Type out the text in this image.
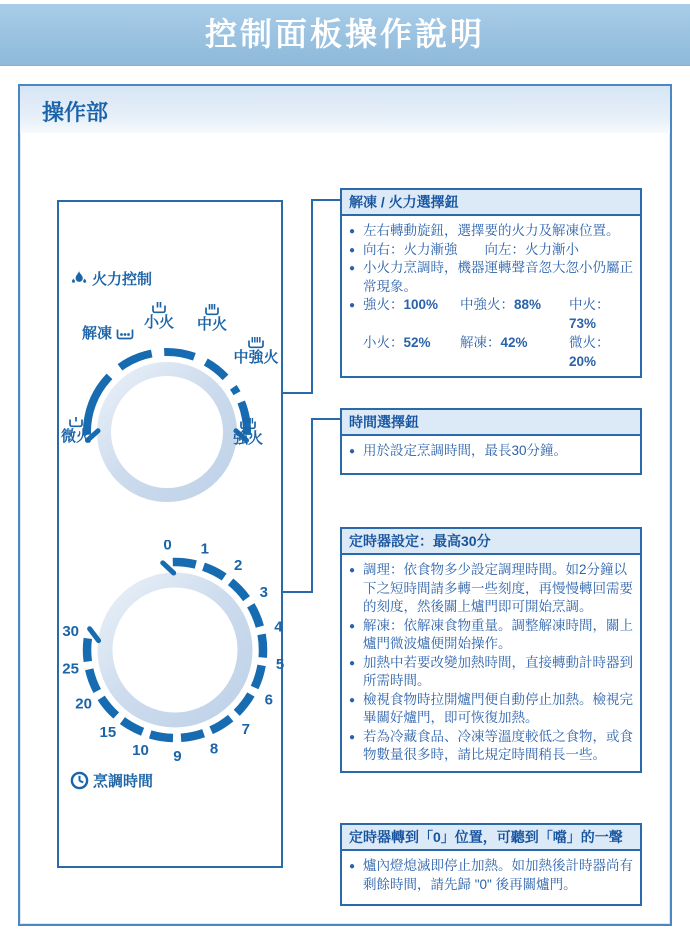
控制面板操作說明
操作部
火力控制
烹調時間
0 1
2
3
4
5
6
7
8
9
10
15
20
25
30
解凍
小火 中火
中強火
強火
微火
解凍 / 火力選擇鈕
● 左右轉動旋鈕，選擇要的火力及解凍位置。
● 向右：火力漸強　　向左：火力漸小
● 小火力烹調時，機器運轉聲音忽大忽小仍屬正常現象。
● 強火：100%	中強火：88%	中火：73%
小火：52%	解凍：42%	微火：20%
時間選擇鈕
● 用於設定烹調時間，最長30分鐘。
定時器設定：最高30分
● 調理：依食物多少設定調理時間。如2分鐘以下之短時間請多轉一些刻度，再慢慢轉回需要的刻度，然後關上爐門即可開始烹調。
● 解凍：依解凍食物重量。調整解凍時間，關上爐門微波爐便開始操作。
● 加熱中若要改變加熱時間，直接轉動計時器到所需時間。
● 檢視食物時拉開爐門便自動停止加熱。檢視完畢關好爐門，即可恢復加熱。
● 若為冷藏食品、冷凍等溫度較低之食物，或食物數量很多時，請比規定時間稍長一些。
定時器轉到「0」位置，可聽到「噹」的一聲
● 爐內燈熄滅即停止加熱。如加熱後計時器尚有剩餘時間，請先歸 "0" 後再關爐門。
